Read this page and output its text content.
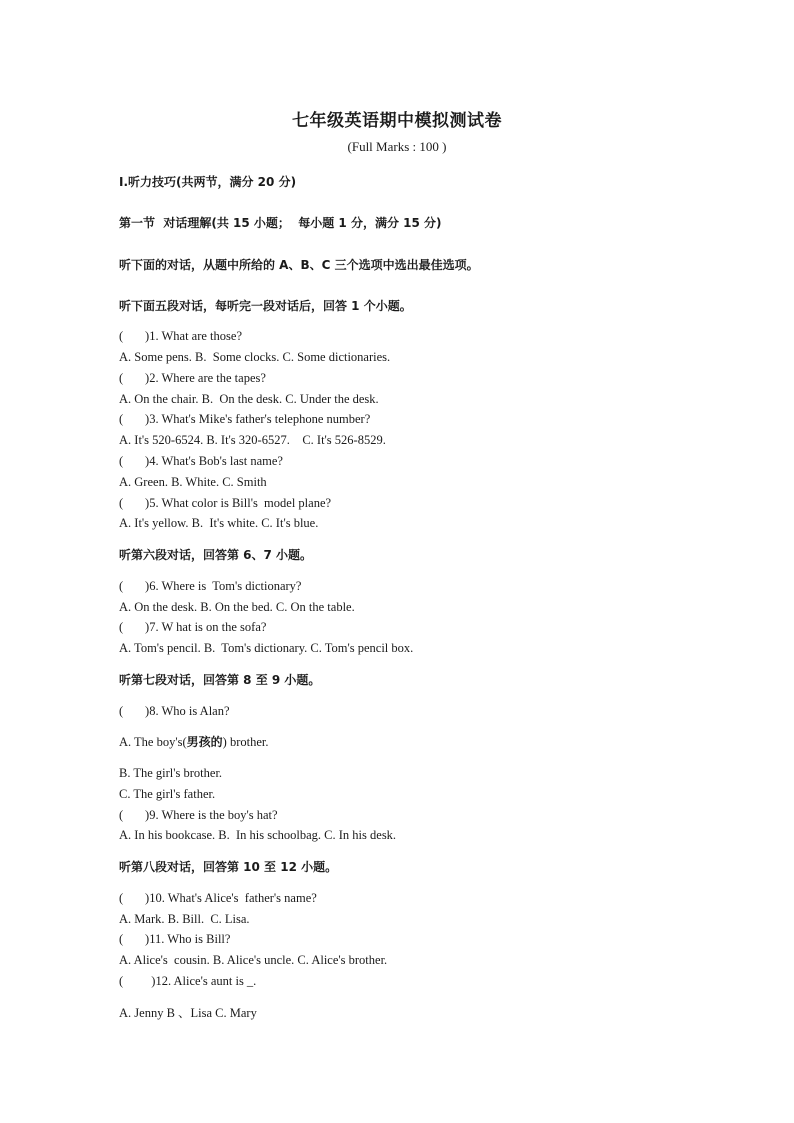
七年级英语期中模拟测试卷
(Full Marks : 100 )
I.听力技巧(共两节，满分 20 分)
第一节  对话理解(共 15 小题；  每小题 1 分，满分 15 分)
听下面的对话，从题中所给的 A、B、C 三个选项中选出最佳选项。
听下面五段对话，每听完一段对话后，回答 1 个小题。
(       )1. What are those?
A. Some pens. B.  Some clocks. C. Some dictionaries.
(       )2. Where are the tapes?
A. On the chair. B.  On the desk. C. Under the desk.
(       )3. What's Mike's father's telephone number?
A. It's 520-6524. B. It's 320-6527.    C. It's 526-8529.
(       )4. What's Bob's last name?
A. Green. B. White. C. Smith
(       )5. What color is Bill's  model plane?
A. It's yellow. B.  It's white. C. It's blue.
听第六段对话，回答第 6、7 小题。
(       )6. Where is  Tom's dictionary?
A. On the desk. B. On the bed. C. On the table.
(       )7. W hat is on the sofa?
A. Tom's pencil. B.  Tom's dictionary. C. Tom's pencil box.
听第七段对话，回答第 8 至 9 小题。
(       )8. Who is Alan?
A. The boy's(男孩的) brother.
B. The girl's brother.
C. The girl's father.
(       )9. Where is the boy's hat?
A. In his bookcase. B.  In his schoolbag. C. In his desk.
听第八段对话，回答第 10 至 12 小题。
(       )10. What's Alice's  father's name?
A. Mark. B. Bill.  C. Lisa.
(       )11. Who is Bill?
A. Alice's  cousin. B. Alice's uncle. C. Alice's brother.
(         )12. Alice's aunt is _.
A. Jenny B 、Lisa C. Mary
